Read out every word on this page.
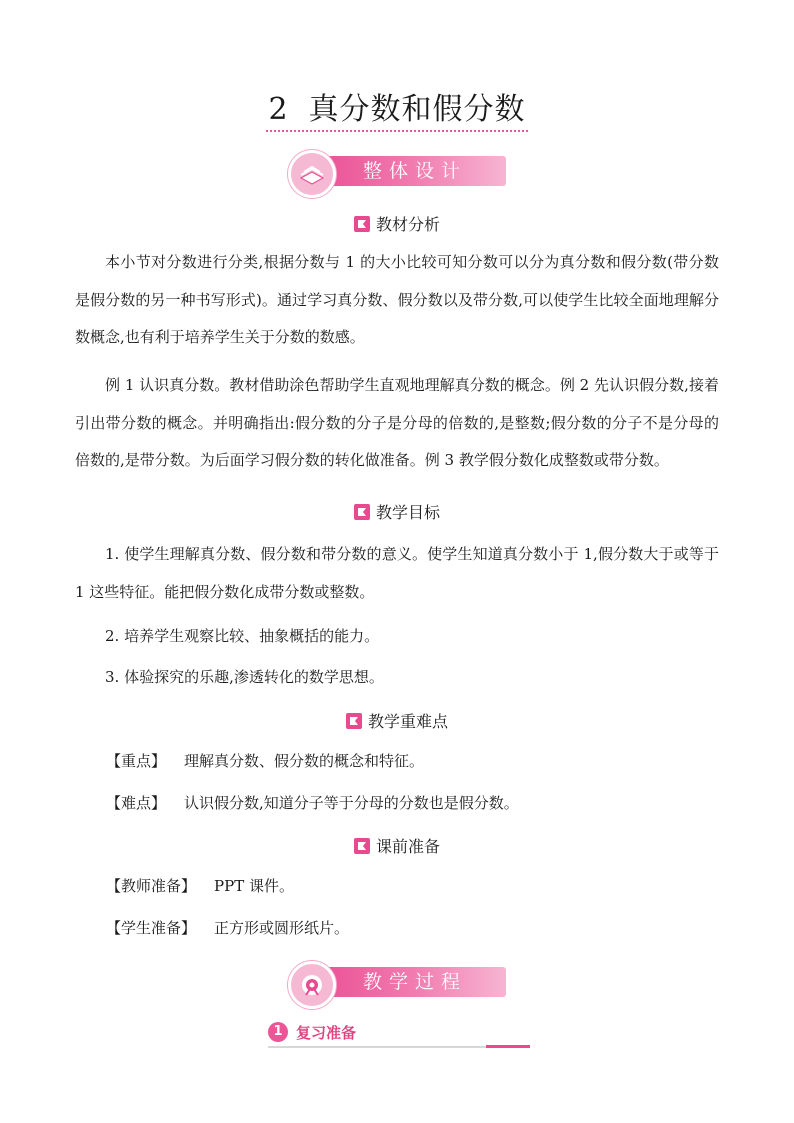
2 真分数和假分数
整体设计
教材分析
本小节对分数进行分类,根据分数与 1 的大小比较可知分数可以分为真分数和假分数(带分数是假分数的另一种书写形式)。通过学习真分数、假分数以及带分数,可以使学生比较全面地理解分数概念,也有利于培养学生关于分数的数感。
例 1 认识真分数。教材借助涂色帮助学生直观地理解真分数的概念。例 2 先认识假分数,接着引出带分数的概念。并明确指出:假分数的分子是分母的倍数的,是整数;假分数的分子不是分母的倍数的,是带分数。为后面学习假分数的转化做准备。例 3 教学假分数化成整数或带分数。
教学目标
1. 使学生理解真分数、假分数和带分数的意义。使学生知道真分数小于 1,假分数大于或等于 1 这些特征。能把假分数化成带分数或整数。
2. 培养学生观察比较、抽象概括的能力。
3. 体验探究的乐趣,渗透转化的数学思想。
教学重难点
【重点】 理解真分数、假分数的概念和特征。
【难点】 认识假分数,知道分子等于分母的分数也是假分数。
课前准备
【教师准备】 PPT 课件。
【学生准备】 正方形或圆形纸片。
教学过程
1 复习准备
